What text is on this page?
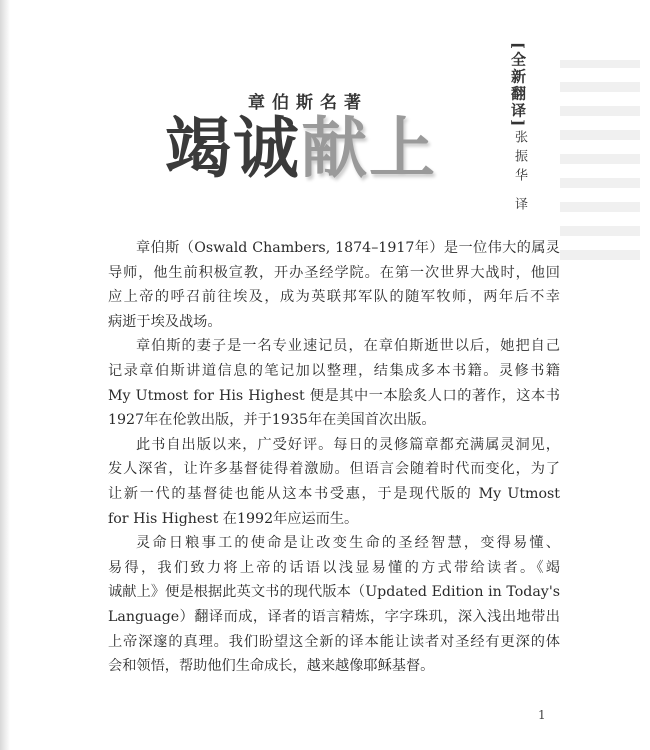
章伯斯名著
竭诚献上
[全新翻译]
张振华 译
章伯斯（Oswald Chambers, 1874–1917年）是一位伟大的属灵
导师，他生前积极宣教，开办圣经学院。在第一次世界大战时，他回
应上帝的呼召前往埃及，成为英联邦军队的随军牧师，两年后不幸
病逝于埃及战场。
章伯斯的妻子是一名专业速记员，在章伯斯逝世以后，她把自己
记录章伯斯讲道信息的笔记加以整理，结集成多本书籍。灵修书籍
My Utmost for His Highest 便是其中一本脍炙人口的著作，这本书
1927年在伦敦出版，并于1935年在美国首次出版。
此书自出版以来，广受好评。每日的灵修篇章都充满属灵洞见，
发人深省，让许多基督徒得着激励。但语言会随着时代而变化，为了
让新一代的基督徒也能从这本书受惠，于是现代版的 My Utmost
for His Highest 在1992年应运而生。
灵命日粮事工的使命是让改变生命的圣经智慧，变得易懂、
易得，我们致力将上帝的话语以浅显易懂的方式带给读者。《竭
诚献上》便是根据此英文书的现代版本（Updated Edition in Today's
Language）翻译而成，译者的语言精炼，字字珠玑，深入浅出地带出
上帝深邃的真理。我们盼望这全新的译本能让读者对圣经有更深的体
会和领悟，帮助他们生命成长，越来越像耶稣基督。
1
